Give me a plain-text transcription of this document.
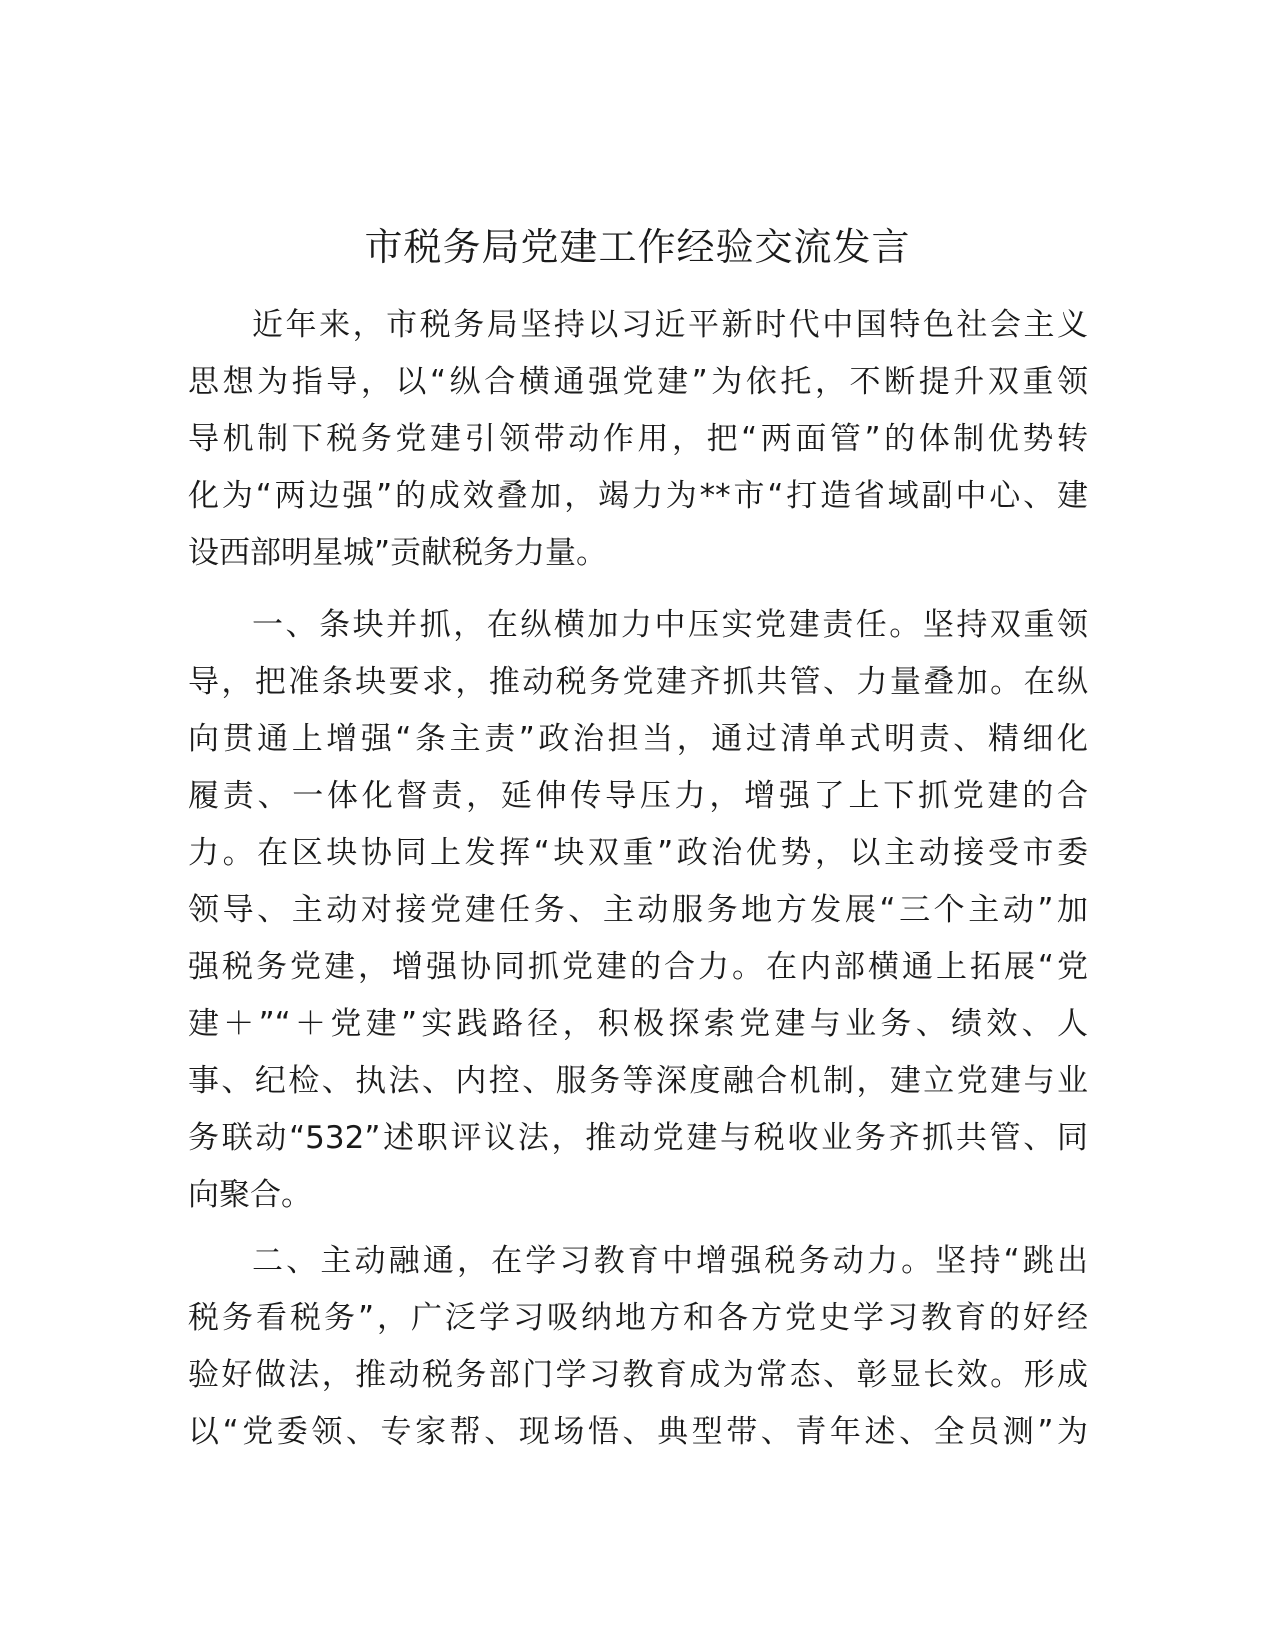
市税务局党建工作经验交流发言
近年来，市税务局坚持以习近平新时代中国特色社会主义
思想为指导，以“纵合横通强党建”为依托，不断提升双重领
导机制下税务党建引领带动作用，把“两面管”的体制优势转
化为“两边强”的成效叠加，竭力为**市“打造省域副中心、建
设西部明星城”贡献税务力量。
一、条块并抓，在纵横加力中压实党建责任。坚持双重领
导，把准条块要求，推动税务党建齐抓共管、力量叠加。在纵
向贯通上增强“条主责”政治担当，通过清单式明责、精细化
履责、一体化督责，延伸传导压力，增强了上下抓党建的合
力。在区块协同上发挥“块双重”政治优势，以主动接受市委
领导、主动对接党建任务、主动服务地方发展“三个主动”加
强税务党建，增强协同抓党建的合力。在内部横通上拓展“党
建＋”“＋党建”实践路径，积极探索党建与业务、绩效、人
事、纪检、执法、内控、服务等深度融合机制，建立党建与业
务联动“532”述职评议法，推动党建与税收业务齐抓共管、同
向聚合。
二、主动融通，在学习教育中增强税务动力。坚持“跳出
税务看税务”，广泛学习吸纳地方和各方党史学习教育的好经
验好做法，推动税务部门学习教育成为常态、彰显长效。形成
以“党委领、专家帮、现场悟、典型带、青年述、全员测”为
